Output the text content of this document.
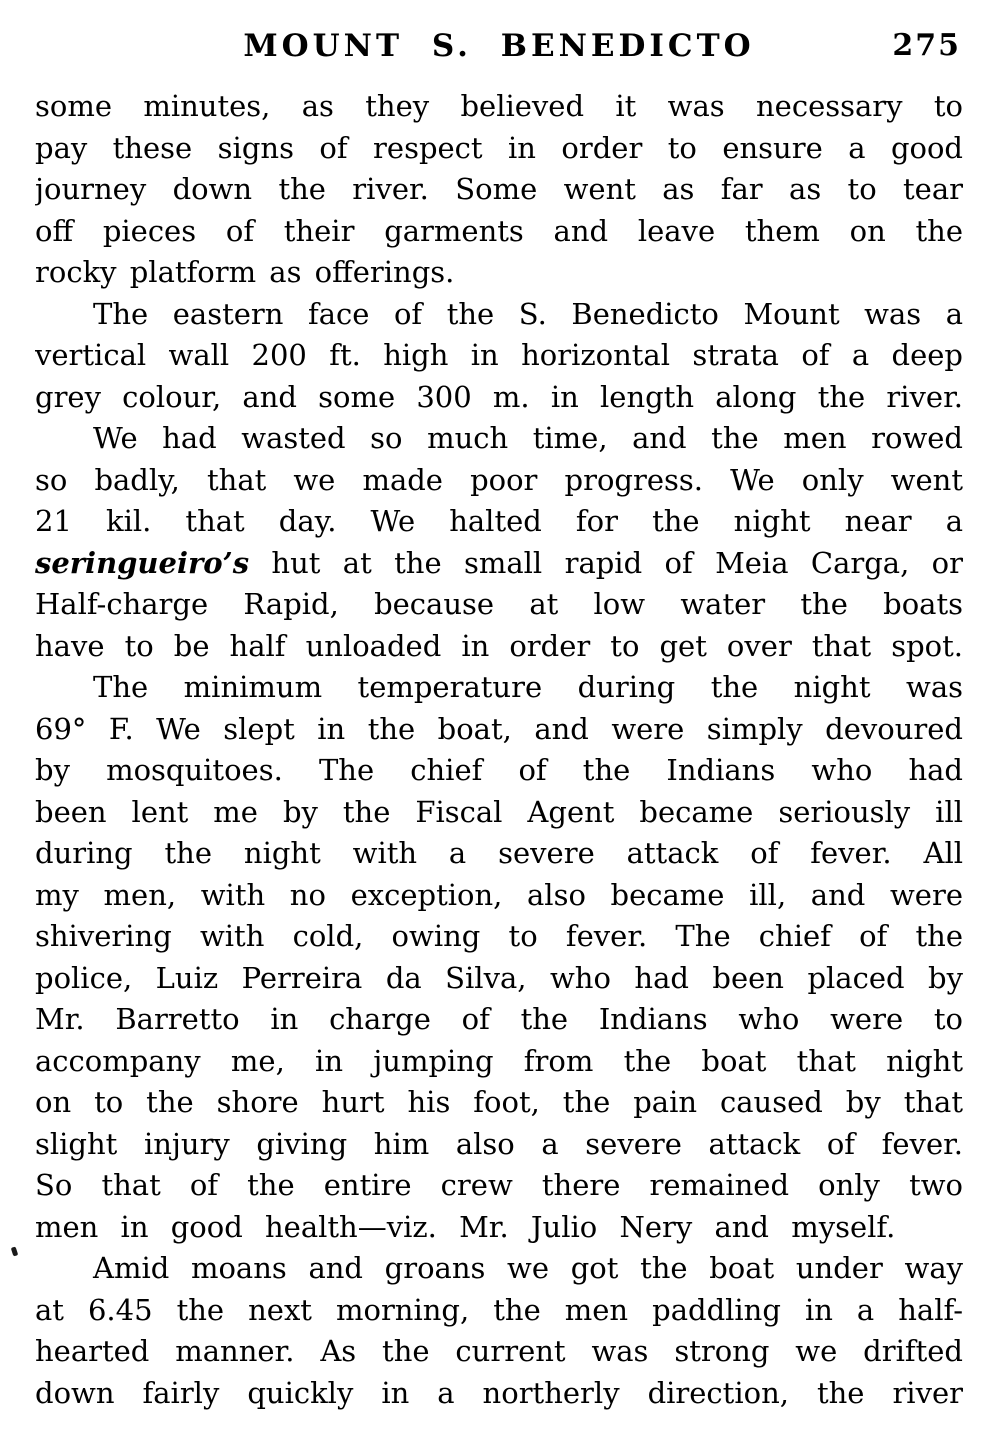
MOUNT S. BENEDICTO	275
some minutes, as they believed it was necessary to
pay these signs of respect in order to ensure a good
journey down the river. Some went as far as to tear
off pieces of their garments and leave them on the
rocky platform as offerings.
The eastern face of the S. Benedicto Mount was a
vertical wall 200 ft. high in horizontal strata of a deep
grey colour, and some 300 m. in length along the river.
We had wasted so much time, and the men rowed
so badly, that we made poor progress. We only went
21 kil. that day. We halted for the night near a
seringueiro’s hut at the small rapid of Meia Carga, or
Half-charge Rapid, because at low water the boats
have to be half unloaded in order to get over that spot.
The minimum temperature during the night was
69° F. We slept in the boat, and were simply devoured
by mosquitoes. The chief of the Indians who had
been lent me by the Fiscal Agent became seriously ill
during the night with a severe attack of fever. All
my men, with no exception, also became ill, and were
shivering with cold, owing to fever. The chief of the
police, Luiz Perreira da Silva, who had been placed by
Mr. Barretto in charge of the Indians who were to
accompany me, in jumping from the boat that night
on to the shore hurt his foot, the pain caused by that
slight injury giving him also a severe attack of fever.
So that of the entire crew there remained only two
men in good health—viz. Mr. Julio Nery and myself.
Amid moans and groans we got the boat under way
at 6.45 the next morning, the men paddling in a half-
hearted manner. As the current was strong we drifted
down fairly quickly in a northerly direction, the river
